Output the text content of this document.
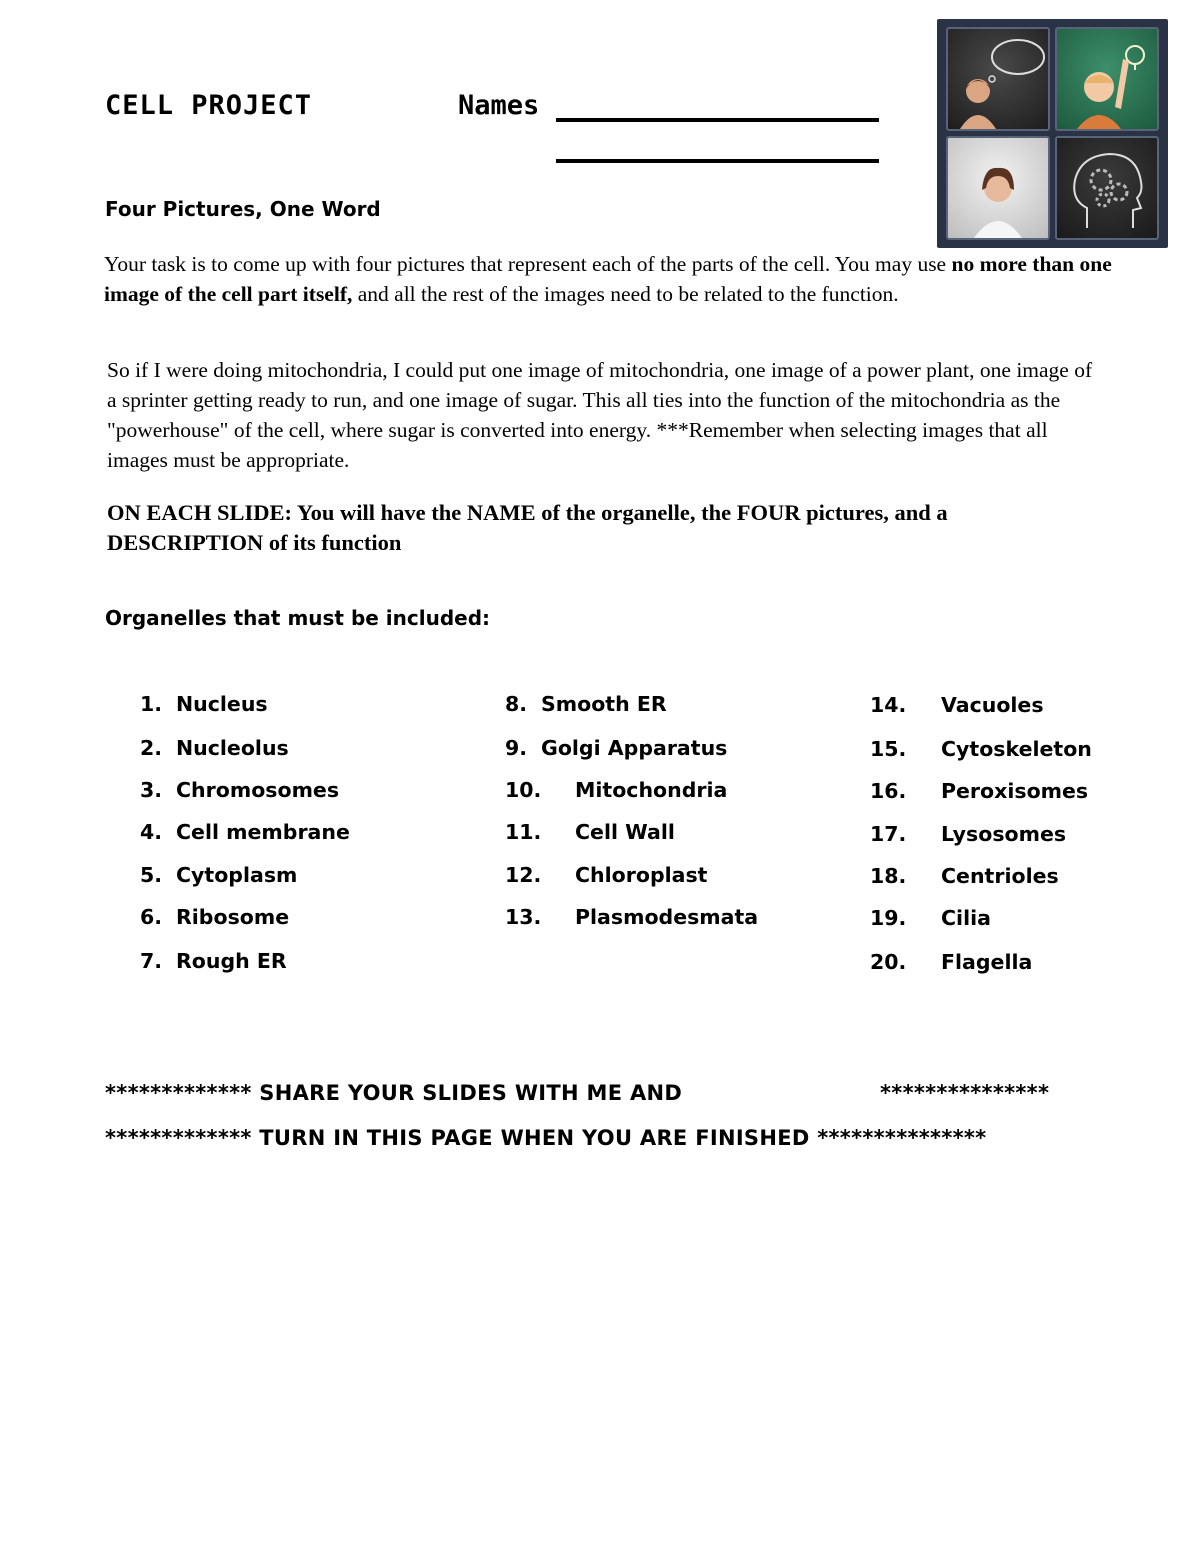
CELL PROJECT	Names
Four Pictures, One Word
Your task is to come up with four pictures that represent each of the parts of the cell. You may use no more than one image of the cell part itself, and all the rest of the images need to be related to the function.
So if I were doing mitochondria, I could put one image of mitochondria, one image of a power plant, one image of a sprinter getting ready to run, and one image of sugar. This all ties into the function of the mitochondria as the "powerhouse" of the cell, where sugar is converted into energy. ***Remember when selecting images that all images must be appropriate.
ON EACH SLIDE: You will have the NAME of the organelle, the FOUR pictures, and a DESCRIPTION of its function
Organelles that must be included:
1. Nucleus
2. Nucleolus
3. Chromosomes
4. Cell membrane
5. Cytoplasm
6. Ribosome
7. Rough ER
8. Smooth ER
9. Golgi Apparatus
10. Mitochondria
11. Cell Wall
12. Chloroplast
13. Plasmodesmata
14. Vacuoles
15. Cytoskeleton
16. Peroxisomes
17. Lysosomes
18. Centrioles
19. Cilia
20. Flagella
************* SHARE YOUR SLIDES WITH ME AND	***************
************* TURN IN THIS PAGE WHEN YOU ARE FINISHED ***************
